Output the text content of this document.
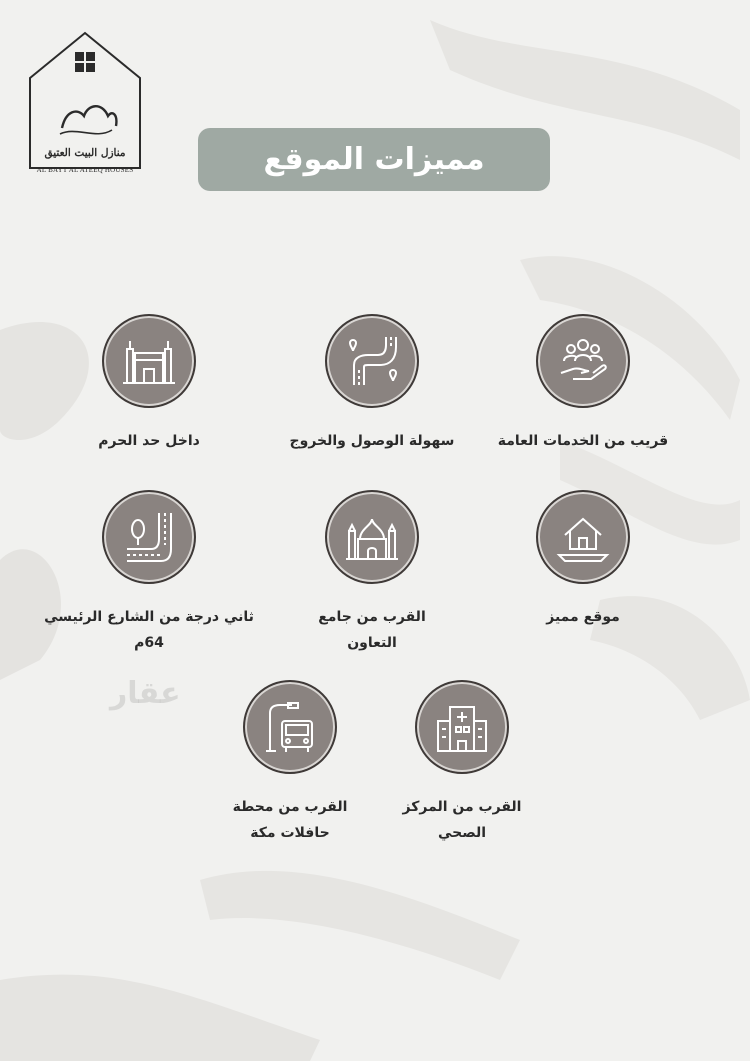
منازل البيت العتيق
AL BAYT AL ATEEQ HOUSES	مميزات الموقع
قريب من الخدمات العامة
سهولة الوصول والخروج
داخل حد الحرم
موقع مميز
القرب من جامع التعاون
ثاني درجة من الشارع الرئيسي 64م
القرب من المركز الصحي
القرب من محطة حافلات مكة
عقار
